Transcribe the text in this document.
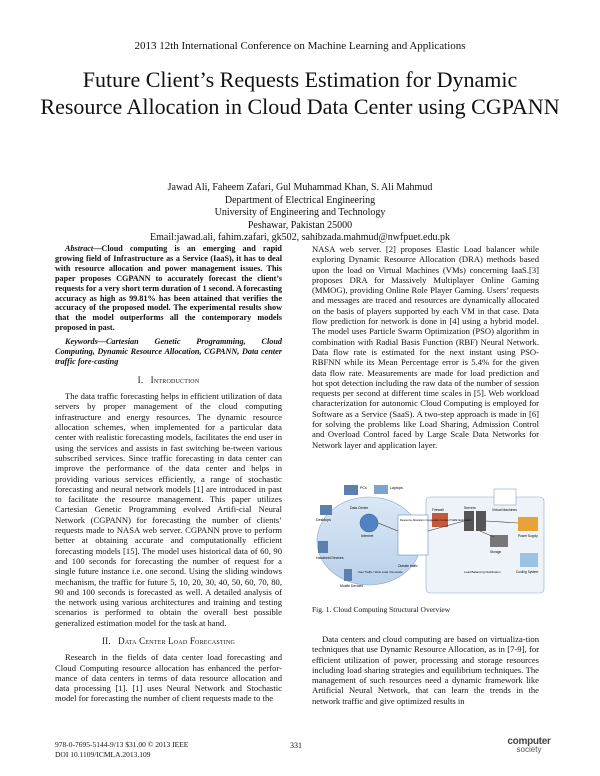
2013 12th International Conference on Machine Learning and Applications
Future Client’s Requests Estimation for Dynamic Resource Allocation in Cloud Data Center using CGPANN
Jawad Ali, Faheem Zafari, Gul Muhammad Khan, S. Ali Mahmud
Department of Electrical Engineering
University of Engineering and Technology
Peshawar, Pakistan 25000
Email:jawad.ali, fahim.zafari, gk502, sahibzada.mahmud@nwfpuet.edu.pk

Abstract—Cloud computing is an emerging and rapid growing field of Infrastructure as a Service (IaaS), it has to deal with resource allocation and power management issues. This paper proposes CGPANN to accurately forecast the client’s requests for a very short term duration of 1 second. A forecasting accuracy as high as 99.81% has been attained that verifies the accuracy of the proposed model. The experimental results show that the model outperforms all the contemporary models proposed in past.

Keywords—Cartesian Genetic Programming, Cloud Computing, Dynamic Resource Allocation, CGPANN, Data center traffic fore-casting

I. Introduction

The data traffic forecasting helps in efficient utilization of data servers by proper management of the cloud computing infrastructure and energy resources. The dynamic resource allocation schemes, when implemented for a particular data center with realistic forecasting models, facilitates the end user in using the services and assists in fast switching be-tween various subscribed services. Since traffic forecasting in data center can improve the performance of the data center and helps in providing various services efficiently, a range of stochastic forecasting and neural network models [1] are introduced in past to facilitate the resource management. This paper utilizes Cartesian Genetic Programming evolved Artifi-cial Neural Network (CGPANN) for forecasting the number of clients’ requests made to NASA web server. CGPANN prove to perform better at obtaining accurate and computationally efficient forecasting models [15]. The model uses historical data of 60, 90 and 100 seconds for forecasting the number of request for a single future instance i.e. one second. Using the sliding windows mechanism, the traffic for future 5, 10, 20, 30, 40, 50, 60, 70, 80, 90 and 100 seconds is forecasted as well. A detailed analysis of the network using various architectures and training and testing scenarios is performed to obtain the overall best possible generalized estimation model for the task at hand.

II. Data Center Load Forecasting

Research in the fields of data center load forecasting and Cloud Computing resource allocation has enhanced the perfor-mance of data centers in terms of data resource allocation and data processing [1]. [1] uses Neural Network and Stochastic model for forecasting the number of client requests made to the

NASA web server. [2] proposes Elastic Load balancer while exploring Dynamic Resource Allocation (DRA) methods based upon the load on Virtual Machines (VMs) concerning IaaS.[3] proposes DRA for Massively Multiplayer Online Gaming (MMOG), providing Online Role Player Gaming. Users’ requests and messages are traced and resources are dynamically allocated on the basis of players supported by each VM in that case. Data flow prediction for network is done in [4] using a hybrid model. The model uses Particle Swarm Optimization (PSO) algorithm in combination with Radial Basis Function (RBF) Neural Network. Data flow rate is estimated for the next instant using PSO-RBFNN while its Mean Percentage error is 5.4% for the given data flow rate. Measurements are made for load prediction and hot spot detection including the raw data of the number of session requests per second at different time scales in [5]. Web workload characterization for autonomic Cloud Computing is employed for Software as a Service (SaaS). A two-step approach is made in [6] for solving the problems like Load Sharing, Admission Control and Overload Control faced by Large Scale Data Networks for Network layer and application layer.

PCs	Laptops
Desktops
Internet
Data Center
Resource Allocation Congestion Control Traffic Estimation
Handheld Devices
Mobile Devices
User Traffic / Work Load / Demands
Firewall	Servers	Virtual Machines
Power Supply
Storage
Cooling System
Outside traffic
Load Balancing Distribution
Fig. 1. Cloud Computing Structural Overview

Data centers and cloud computing are based on virtualiza-tion techniques that use Dynamic Resource Allocation, as in [7-9], for efficient utilization of power, processing and storage resources including load sharing strategies and equilibrium techniques. The management of such resources need a dynamic framework like Artificial Neural Network, that can learn the trends in the network traffic and give optimized results in

978-0-7695-5144-9/13 $31.00 © 2013 IEEE
DOI 10.1109/ICMLA.2013.109
331	computer
society
